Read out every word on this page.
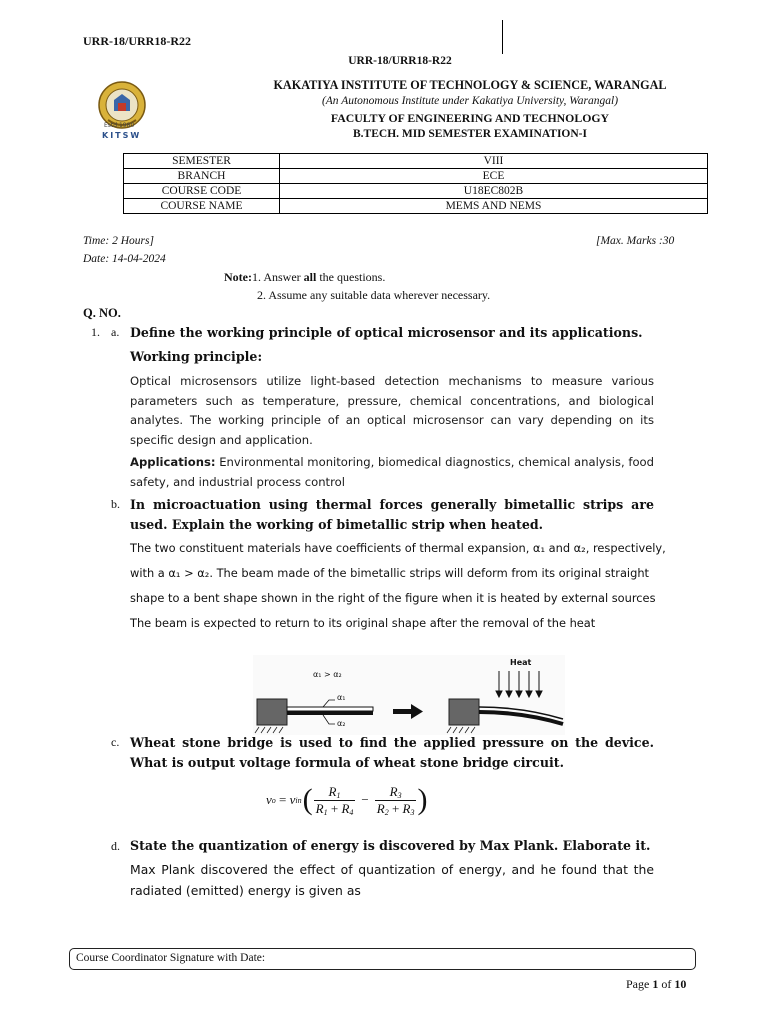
URR-18/URR18-R22
URR-18/URR18-R22
Estd.1980
KITSW
KAKATIYA INSTITUTE OF TECHNOLOGY & SCIENCE, WARANGAL
(An Autonomous Institute under Kakatiya University, Warangal)
FACULTY OF ENGINEERING AND TECHNOLOGY
B.TECH. MID SEMESTER EXAMINATION-I
SEMESTER	VIII
BRANCH	ECE
COURSE CODE	U18EC802B
COURSE NAME	MEMS AND NEMS
Time: 2 Hours]
Date: 14-04-2024
[Max. Marks :30
Note:1. Answer all the questions.
2. Assume any suitable data wherever necessary.
Q. NO.
1. a. Define the working principle of optical microsensor and its applications.
Working principle:
Optical microsensors utilize light-based detection mechanisms to measure various parameters such as temperature, pressure, chemical concentrations, and biological analytes. The working principle of an optical microsensor can vary depending on its specific design and application.
Applications: Environmental monitoring, biomedical diagnostics, chemical analysis, food safety, and industrial process control
b. In microactuation using thermal forces generally bimetallic strips are used. Explain the working of bimetallic strip when heated.
The two constituent materials have coefficients of thermal expansion, α₁ and α₂, respectively,
with a α₁ > α₂. The beam made of the bimetallic strips will deform from its original straight
shape to a bent shape shown in the right of the figure when it is heated by external sources
The beam is expected to return to its original shape after the removal of the heat
α₁ > α₂
α₁
α₂
Heat
c. Wheat stone bridge is used to find the applied pressure on the device. What is output voltage formula of wheat stone bridge circuit.
v o = v in ( $R_1$
$R_1 + R_4$
− $\frac{R_3}{R_2 + R_3}$ )
d. State the quantization of energy is discovered by Max Plank. Elaborate it.
Max Plank discovered the effect of quantization of energy, and he found that the radiated (emitted) energy is given as
Course Coordinator Signature with Date:
Page 1 of 10
